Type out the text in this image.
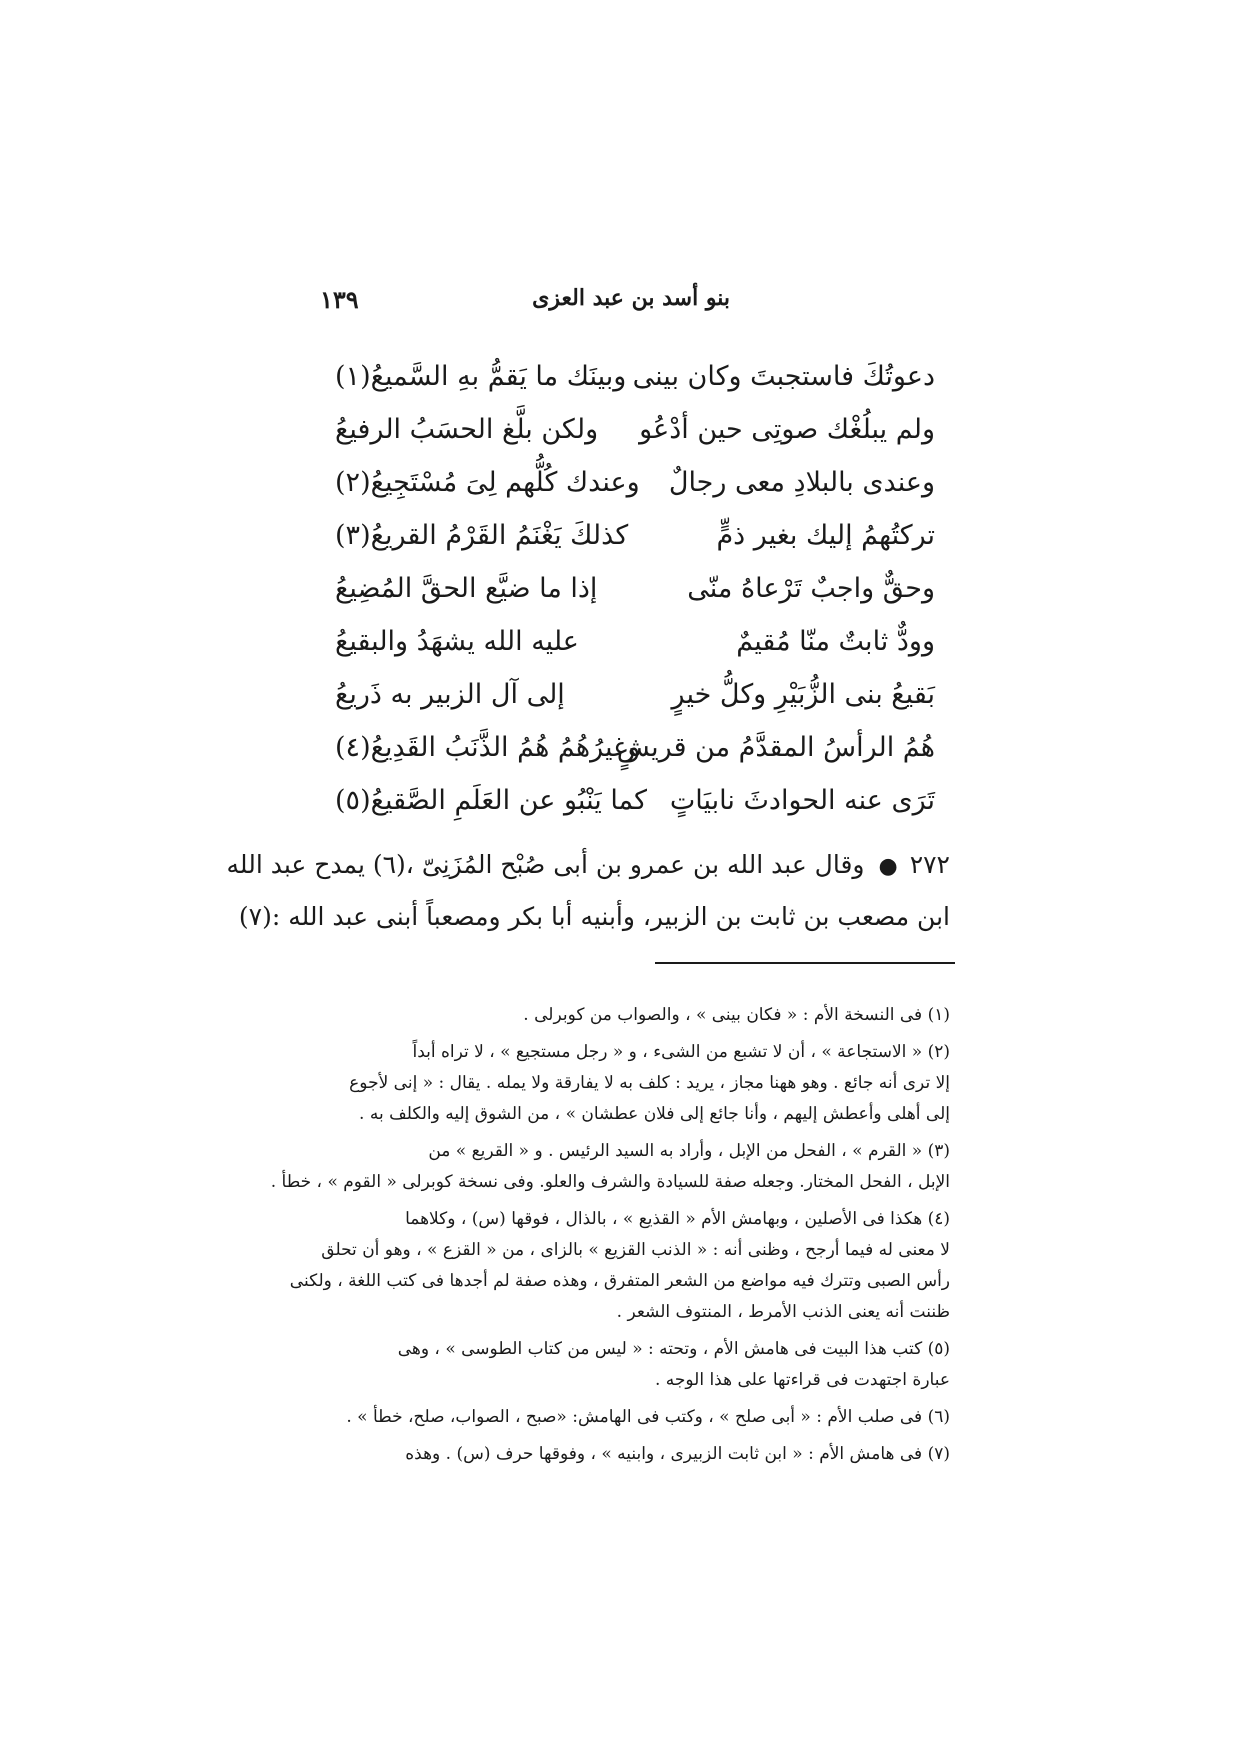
بنو أسد بن عبد العزى
١٣٩
دعوتُكَ فاستجبتَ وكان بينى
وبينَك ما يَقمُّ بهِ السَّميعُ(١)
ولم يبلُغْك صوتِى حين أدْعُو
ولكن بلَّغ الحسَبُ الرفيعُ
وعندى بالبلادِ معى رجالٌ
وعندك كُلُّهم لِىَ مُسْتَجِيعُ(٢)
تركتُهمُ إليك بغير ذمٍّ
كذلكَ يَغْنَمُ القَرْمُ القريعُ(٣)
وحقٌّ واجبٌ تَرْعاهُ منّى
إذا ما ضيَّع الحقَّ المُضِيعُ
وودٌّ ثابتٌ منّا مُقيمٌ
عليه الله يشهَدُ والبقيعُ
بَقيعُ بنى الزُّبَيْرِ وكلُّ خيرٍ
إلى آل الزبير به ذَريعُ
هُمُ الرأسُ المقدَّمُ من قريشٍ
وغيرُهُمُ هُمُ الذَّنَبُ القَدِيعُ(٤)
تَرَى عنه الحوادثَ نابيَاتٍ
كما يَنْبُو عن العَلَمِ الصَّقيعُ(٥)
٢٧٢●وقال عبد الله بن عمرو بن أبى صُبْح المُزَنِىّ ،(٦) يمدح عبد الله
ابن مصعب بن ثابت بن الزبير، وأبنيه أبا بكر ومصعباً أبنى عبد الله :(٧)
(١) فى النسخة الأم : « فكان بينى » ، والصواب من كوبرلى .
(٢) « الاستجاعة » ، أن لا تشبع من الشىء ، و « رجل مستجيع » ، لا تراه أبداً
إلا ترى أنه جائع . وهو ههنا مجاز ، يريد : كلف به لا يفارقة ولا يمله . يقال : « إنى لأجوع
إلى أهلى وأعطش إليهم ، وأنا جائع إلى فلان عطشان » ، من الشوق إليه والكلف به .
(٣) « القرم » ، الفحل من الإبل ، وأراد به السيد الرئيس . و « القريع » من
الإبل ، الفحل المختار. وجعله صفة للسيادة والشرف والعلو. وفى نسخة كوبرلى « القوم » ، خطأ .
(٤) هكذا فى الأصلين ، وبهامش الأم « القذيع » ، بالذال ، فوقها (س) ، وكلاهما
لا معنى له فيما أرجح ، وظنى أنه : « الذنب القزيع » بالزاى ، من « القزع » ، وهو أن تحلق
رأس الصبى وتترك فيه مواضع من الشعر المتفرق ، وهذه صفة لم أجدها فى كتب اللغة ، ولكنى
ظننت أنه يعنى الذنب الأمرط ، المنتوف الشعر .
(٥) كتب هذا البيت فى هامش الأم ، وتحته : « ليس من كتاب الطوسى » ، وهى
عبارة اجتهدت فى قراءتها على هذا الوجه .
(٦) فى صلب الأم : « أبى صلح » ، وكتب فى الهامش: «صبح ، الصواب، صلح، خطأ » .
(٧) فى هامش الأم : « ابن ثابت الزبيرى ، وابنيه » ، وفوقها حرف (س) . وهذه
